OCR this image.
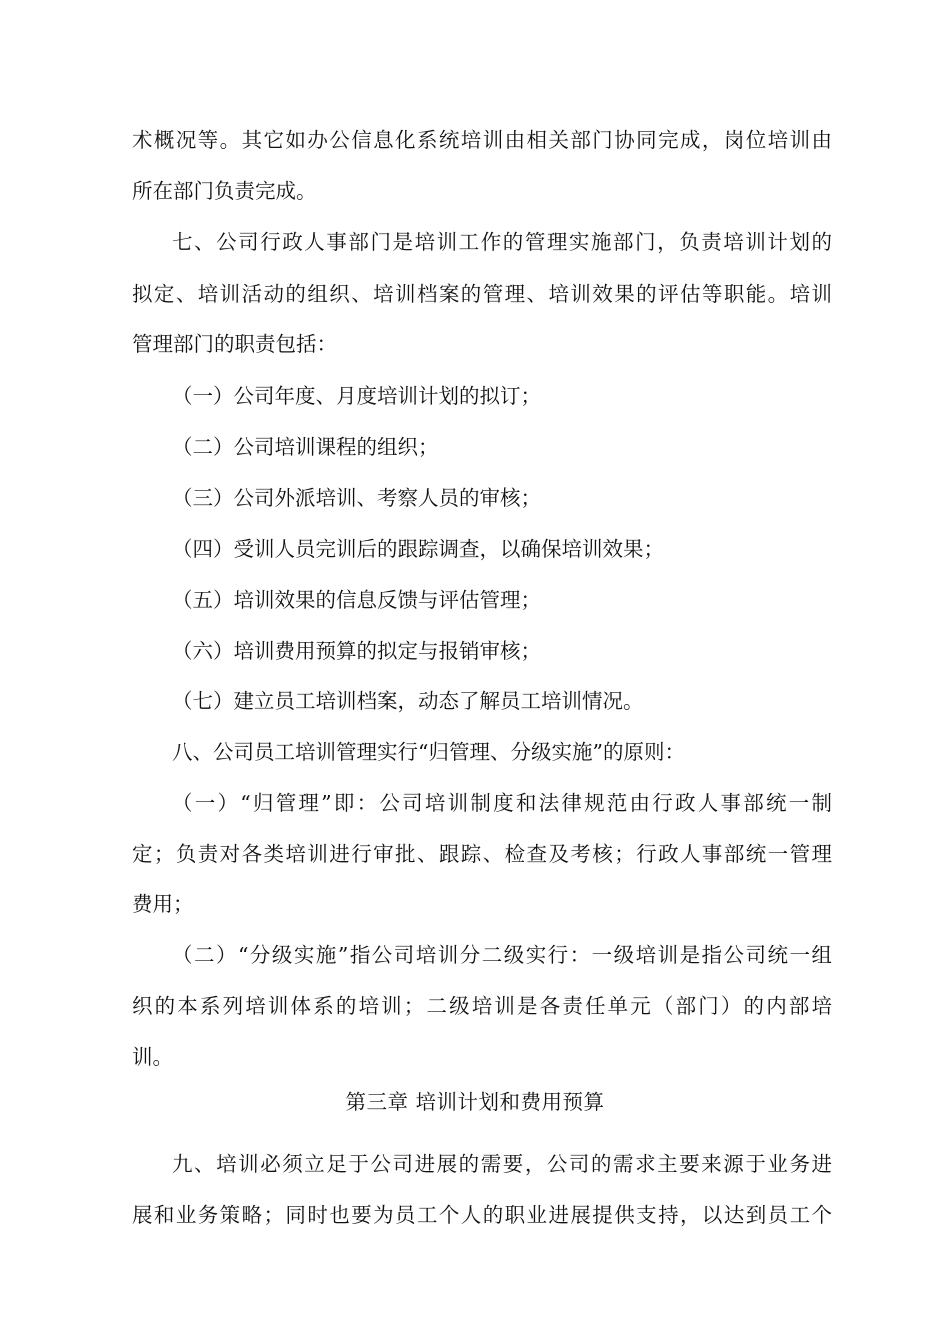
术概况等。其它如办公信息化系统培训由相关部门协同完成，岗位培训由
所在部门负责完成。
七、公司行政人事部门是培训工作的管理实施部门，负责培训计划的
拟定、培训活动的组织、培训档案的管理、培训效果的评估等职能。培训
管理部门的职责包括：
（一）公司年度、月度培训计划的拟订；
（二）公司培训课程的组织；
（三）公司外派培训、考察人员的审核；
（四）受训人员完训后的跟踪调查，以确保培训效果；
（五）培训效果的信息反馈与评估管理；
（六）培训费用预算的拟定与报销审核；
（七）建立员工培训档案，动态了解员工培训情况。
八、公司员工培训管理实行“归管理、分级实施”的原则：
（一）“归管理”即：公司培训制度和法律规范由行政人事部统一制
定；负责对各类培训进行审批、跟踪、检查及考核；行政人事部统一管理
费用；
（二）“分级实施”指公司培训分二级实行：一级培训是指公司统一组
织的本系列培训体系的培训；二级培训是各责任单元（部门）的内部培
训。
第三章 培训计划和费用预算
九、培训必须立足于公司进展的需要，公司的需求主要来源于业务进
展和业务策略；同时也要为员工个人的职业进展提供支持，以达到员工个
